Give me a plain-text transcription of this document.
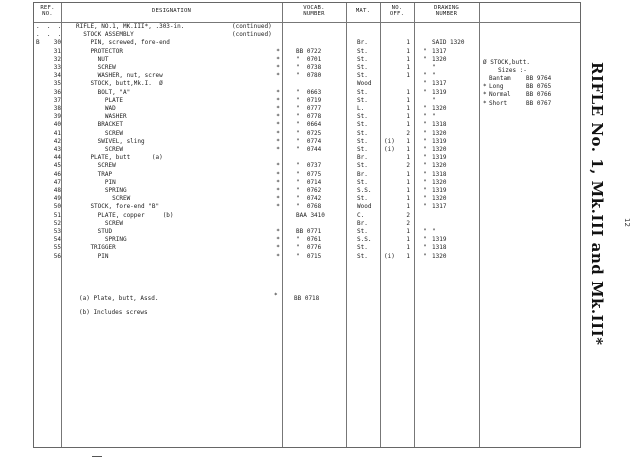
REF.
NO.	DESIGNATION	VOCAB.
NUMBER	MAT.	NO.
OFF.
DRAWING
NUMBER
.  .  . RIFLE, NO.1, MK.III*, .303-in.	(continued)
.  .  . STOCK ASSEMBLY	(continued)
B	30	PIN, screwed, fore-end	Br.	1	SAID 1320
31	PROTECTOR	*	BB 0722	St.	1	" 1317
32	NUT	*	"  0701	St.	1	" 1320
33	SCREW	*	"  0738	St.	1	"
34	WASHER, nut, screw	*	"  0780	St.	1	" "
35	STOCK, butt,Mk.I.  Ø	Wood	" 1317
36	BOLT, "A"	*	"  0663	St.	1	" 1319
37	PLATE	*	"  0719	St.	1	"
38	WAD	*	"  0777	L.	1	" 1320
39	WASHER	*	"  0778	St.	1	" "
40	BRACKET	*	"  0664	St.	1	" 1318
41	SCREW	*	"  0725	St.	2	" 1320
42	SWIVEL, sling	*	"  0774	St.	(i)	1	" 1319
43	SCREW	*	"  0744	St.	(i)	1	" 1320
44	PLATE, butt      (a)	Br.	1	" 1319
45	SCREW	*	"  0737	St.	2	" 1320
46	TRAP	*	"  0775	Br.	1	" 1318
47	PIN	*	"  0714	St.	1	" 1320
48	SPRING	*	"  0762	S.S.	1	" 1319
49	SCREW	*	"  0742	St.	1	" 1320
50	STOCK, fore-end "B"	*	"  0768	Wood	1	" 1317
51	PLATE, copper     (b)	BAA 3410	C.	2
52	SCREW	Br.	2
53	STUD	*	BB 0771	St.	1	" "
54	SPRING	*	"  0761	S.S.	1	" 1319
55	TRIGGER	*	"  0776	St.	1	" 1318
56	PIN	*	"  0715	St.	(i)	1	" 1320
(a) Plate, butt, Assd.	*	BB 0718
(b) Includes screws
Ø STOCK,butt.
Sizes :-
Bantam	BB 9764
* Long	BB 0765
* Normal	BB 0766
* Short	BB 0767 RIFLE No. 1, Mk.III and Mk.III* 12
